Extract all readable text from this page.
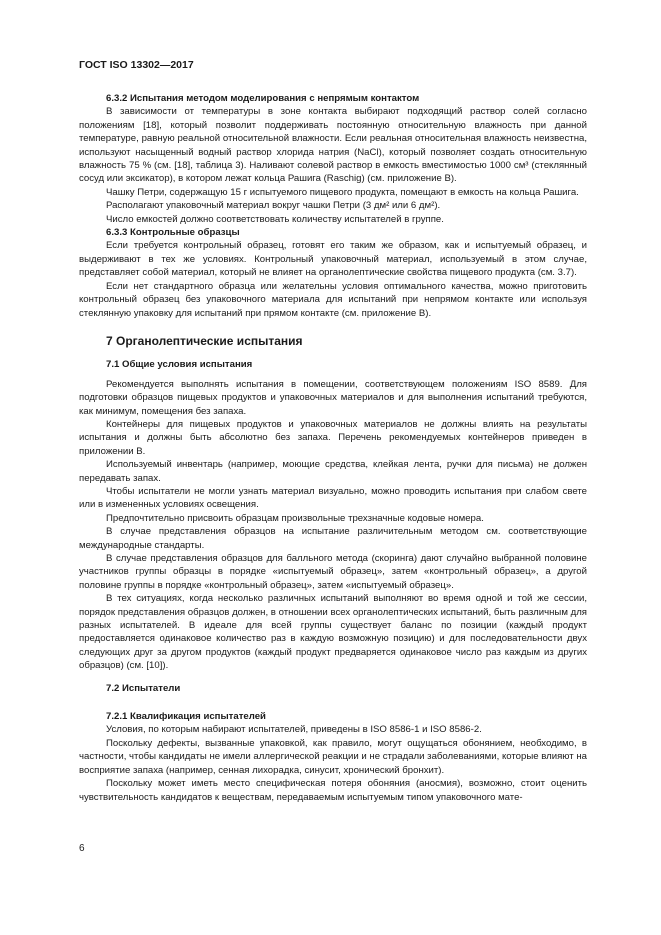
ГОСТ ISO 13302—2017
6.3.2 Испытания методом моделирования с непрямым контактом

В зависимости от температуры в зоне контакта выбирают подходящий раствор солей согласно положениям [18], который позволит поддерживать постоянную относительную влажность при данной температуре, равную реальной относительной влажности. Если реальная относительная влажность неизвестна, используют насыщенный водный раствор хлорида натрия (NaCl), который позволяет создать относительную влажность 75 % (см. [18], таблица 3). Наливают солевой раствор в емкость вместимостью 1000 см³ (стеклянный сосуд или эксикатор), в котором лежат кольца Рашига (Raschig) (см. приложение В).

Чашку Петри, содержащую 15 г испытуемого пищевого продукта, помещают в емкость на кольца Рашига.

Располагают упаковочный материал вокруг чашки Петри (3 дм² или 6 дм²).

Число емкостей должно соответствовать количеству испытателей в группе.

6.3.3 Контрольные образцы

Если требуется контрольный образец, готовят его таким же образом, как и испытуемый образец, и выдерживают в тех же условиях. Контрольный упаковочный материал, используемый в этом случае, представляет собой материал, который не влияет на органолептические свойства пищевого продукта (см. 3.7).

Если нет стандартного образца или желательны условия оптимального качества, можно приготовить контрольный образец без упаковочного материала для испытаний при непрямом контакте или используя стеклянную упаковку для испытаний при прямом контакте (см. приложение В).

7 Органолептические испытания
7.1 Общие условия испытания

Рекомендуется выполнять испытания в помещении, соответствующем положениям ISO 8589. Для подготовки образцов пищевых продуктов и упаковочных материалов и для выполнения испытаний требуются, как минимум, помещения без запаха.

Контейнеры для пищевых продуктов и упаковочных материалов не должны влиять на результаты испытания и должны быть абсолютно без запаха. Перечень рекомендуемых контейнеров приведен в приложении В.

Используемый инвентарь (например, моющие средства, клейкая лента, ручки для письма) не должен передавать запах.

Чтобы испытатели не могли узнать материал визуально, можно проводить испытания при слабом свете или в измененных условиях освещения.

Предпочтительно присвоить образцам произвольные трехзначные кодовые номера.

В случае представления образцов на испытание различительным методом см. соответствующие международные стандарты.

В случае представления образцов для балльного метода (скоринга) дают случайно выбранной половине участников группы образцы в порядке «испытуемый образец», затем «контрольный образец», а другой половине группы в порядке «контрольный образец», затем «испытуемый образец».

В тех ситуациях, когда несколько различных испытаний выполняют во время одной и той же сессии, порядок представления образцов должен, в отношении всех органолептических испытаний, быть различным для разных испытателей. В идеале для всей группы существует баланс по позиции (каждый продукт предоставляется одинаковое количество раз в каждую возможную позицию) и для последовательности двух следующих друг за другом продуктов (каждый продукт предваряется одинаковое число раз каждым из других образцов) (см. [10]).

7.2 Испытатели
7.2.1 Квалификация испытателей

Условия, по которым набирают испытателей, приведены в ISO 8586-1 и ISO 8586-2.

Поскольку дефекты, вызванные упаковкой, как правило, могут ощущаться обонянием, необходимо, в частности, чтобы кандидаты не имели аллергической реакции и не страдали заболеваниями, которые влияют на восприятие запаха (например, сенная лихорадка, синусит, хронический бронхит).

Поскольку может иметь место специфическая потеря обоняния (аносмия), возможно, стоит оценить чувствительность кандидатов к веществам, передаваемым испытуемым типом упаковочного мате-

6
